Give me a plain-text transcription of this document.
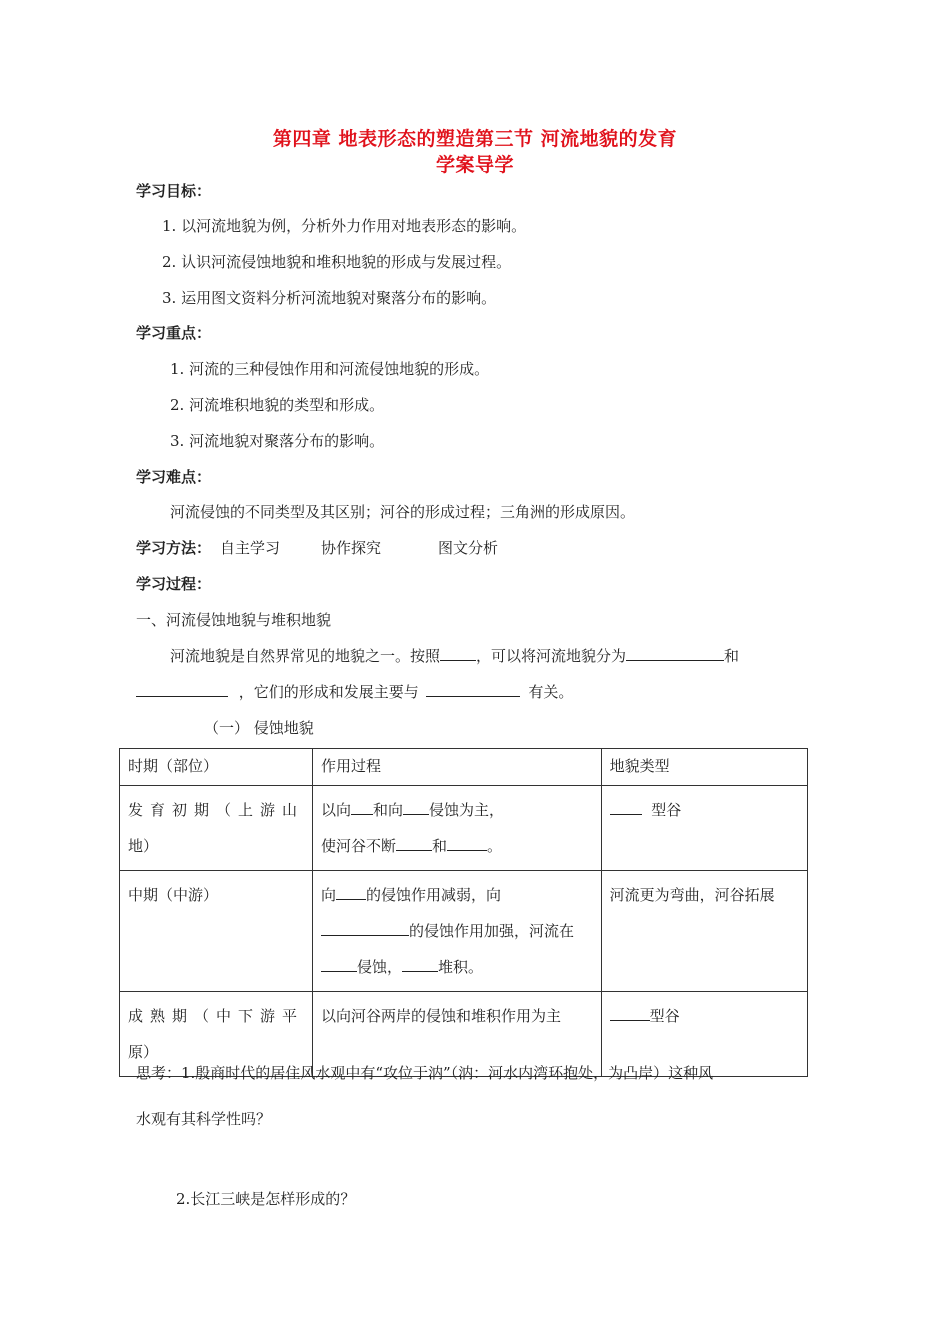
第四章 地表形态的塑造第三节 河流地貌的发育
学案导学
学习目标：
1. 以河流地貌为例，分析外力作用对地表形态的影响。
2. 认识河流侵蚀地貌和堆积地貌的形成与发展过程。
3. 运用图文资料分析河流地貌对聚落分布的影响。
学习重点：
1. 河流的三种侵蚀作用和河流侵蚀地貌的形成。
2. 河流堆积地貌的类型和形成。
3. 河流地貌对聚落分布的影响。
学习难点：
河流侵蚀的不同类型及其区别；河谷的形成过程；三角洲的形成原因。
学习方法： 自主学习	协作探究	图文分析
学习过程：
一、河流侵蚀地貌与堆积地貌
河流地貌是自然界常见的地貌之一。按照 ，可以将河流地貌分为	和
，它们的形成和发展主要与	有关。
（一） 侵蚀地貌
时期（部位）	作用过程	地貌类型

发育初期（上游山
地）	以向 和向 侵蚀为主，
使河谷不断 和 。	型谷

中期（中游）	向 的侵蚀作用减弱，向
的侵蚀作用加强，河流在
侵蚀， 堆积。	河流更为弯曲，河谷拓展

成熟期（中下游平
原）	以向河谷两岸的侵蚀和堆积作用为主	型谷
思考：1.殷商时代的居住风水观中有“攻位于汭”（汭：河水内湾环抱处，为凸岸）这种风
水观有其科学性吗？
2.长江三峡是怎样形成的？
